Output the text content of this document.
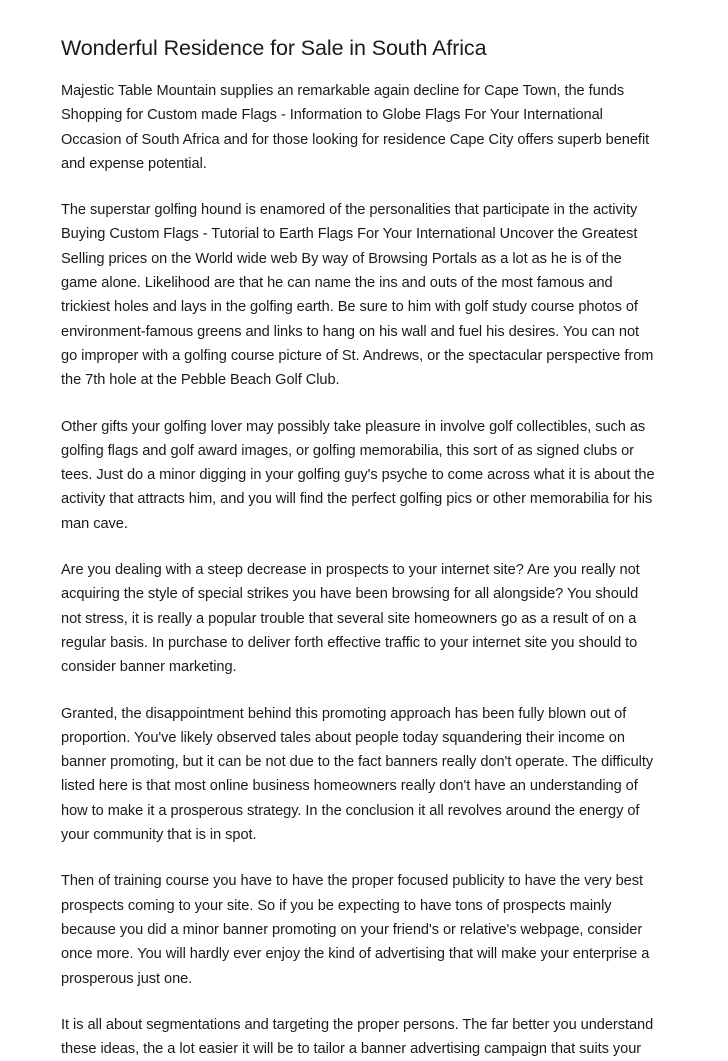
Wonderful Residence for Sale in South Africa

Majestic Table Mountain supplies an remarkable again decline for Cape Town, the funds
Shopping for Custom made Flags - Information to Globe Flags For Your International
Occasion of South Africa and for those looking for residence Cape City offers superb benefit
and expense potential.

The superstar golfing hound is enamored of the personalities that participate in the activity
Buying Custom Flags - Tutorial to Earth Flags For Your International Uncover the Greatest
Selling prices on the World wide web By way of Browsing Portals as a lot as he is of the
game alone. Likelihood are that he can name the ins and outs of the most famous and
trickiest holes and lays in the golfing earth. Be sure to him with golf study course photos of
environment-famous greens and links to hang on his wall and fuel his desires. You can not
go improper with a golfing course picture of St. Andrews, or the spectacular perspective from
the 7th hole at the Pebble Beach Golf Club.

Other gifts your golfing lover may possibly take pleasure in involve golf collectibles, such as
golfing flags and golf award images, or golfing memorabilia, this sort of as signed clubs or
tees. Just do a minor digging in your golfing guy's psyche to come across what it is about the
activity that attracts him, and you will find the perfect golfing pics or other memorabilia for his
man cave.

Are you dealing with a steep decrease in prospects to your internet site? Are you really not
acquiring the style of special strikes you have been browsing for all alongside? You should
not stress, it is really a popular trouble that several site homeowners go as a result of on a
regular basis. In purchase to deliver forth effective traffic to your internet site you should to
consider banner marketing.

Granted, the disappointment behind this promoting approach has been fully blown out of
proportion. You've likely observed tales about people today squandering their income on
banner promoting, but it can be not due to the fact banners really don't operate. The difficulty
listed here is that most online business homeowners really don't have an understanding of
how to make it a prosperous strategy. In the conclusion it all revolves around the energy of
your community that is in spot.

Then of training course you have to have the proper focused publicity to have the very best
prospects coming to your site. So if you be expecting to have tons of prospects mainly
because you did a minor banner promoting on your friend's or relative's webpage, consider
once more. You will hardly ever enjoy the kind of advertising that will make your enterprise a
prosperous just one.

It is all about segmentations and targeting the proper persons. The far better you understand
these ideas, the a lot easier it will be to tailor a banner advertising campaign that suits your
